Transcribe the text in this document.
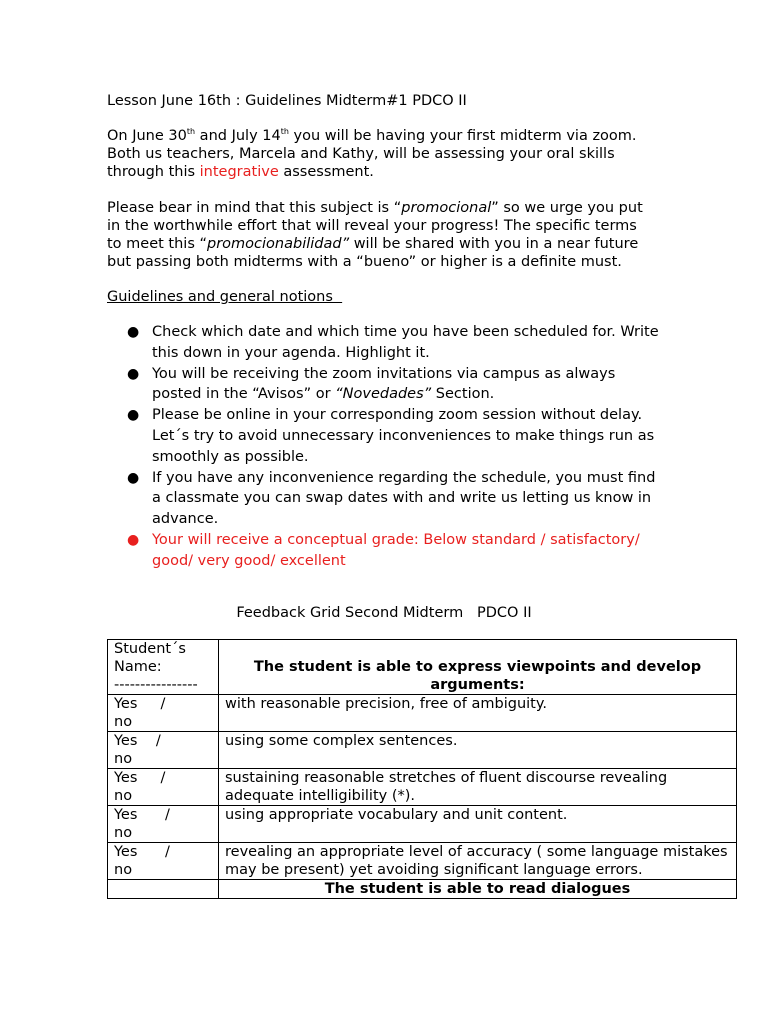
Lesson June 16th : Guidelines Midterm#1 PDCO II

On June 30th and July 14th you will be having your first midterm via zoom. Both us teachers, Marcela and Kathy, will be assessing your oral skills through this integrative assessment.

Please bear in mind that this subject is “promocional” so we urge you put in the worthwhile effort that will reveal your progress! The specific terms to meet this “promocionabilidad” will be shared with you in a near future but passing both midterms with a “bueno” or higher is a definite must.

Guidelines and general notions

● Check which date and which time you have been scheduled for. Write this down in your agenda. Highlight it.
● You will be receiving the zoom invitations via campus as always posted in the “Avisos” or “Novedades” Section.
● Please be online in your corresponding zoom session without delay. Let´s try to avoid unnecessary inconveniences to make things run as smoothly as possible.
● If you have any inconvenience regarding the schedule, you must find a classmate you can swap dates with and write us letting us know in advance.
● Your will receive a conceptual grade: Below standard / satisfactory/ good/ very good/ excellent
Feedback Grid Second Midterm   PDCO II
Student´s Name:
----------------	The student is able to express viewpoints and develop arguments:
Yes     /
no	with reasonable precision, free of ambiguity.
Yes    /
no	using some complex sentences.
Yes     /
no	sustaining reasonable stretches of fluent discourse revealing adequate intelligibility (*).
Yes      /
no	using appropriate vocabulary and unit content.
Yes      /
no	revealing an appropriate level of accuracy ( some language mistakes may be present) yet avoiding significant language errors.
	The student is able to read dialogues
